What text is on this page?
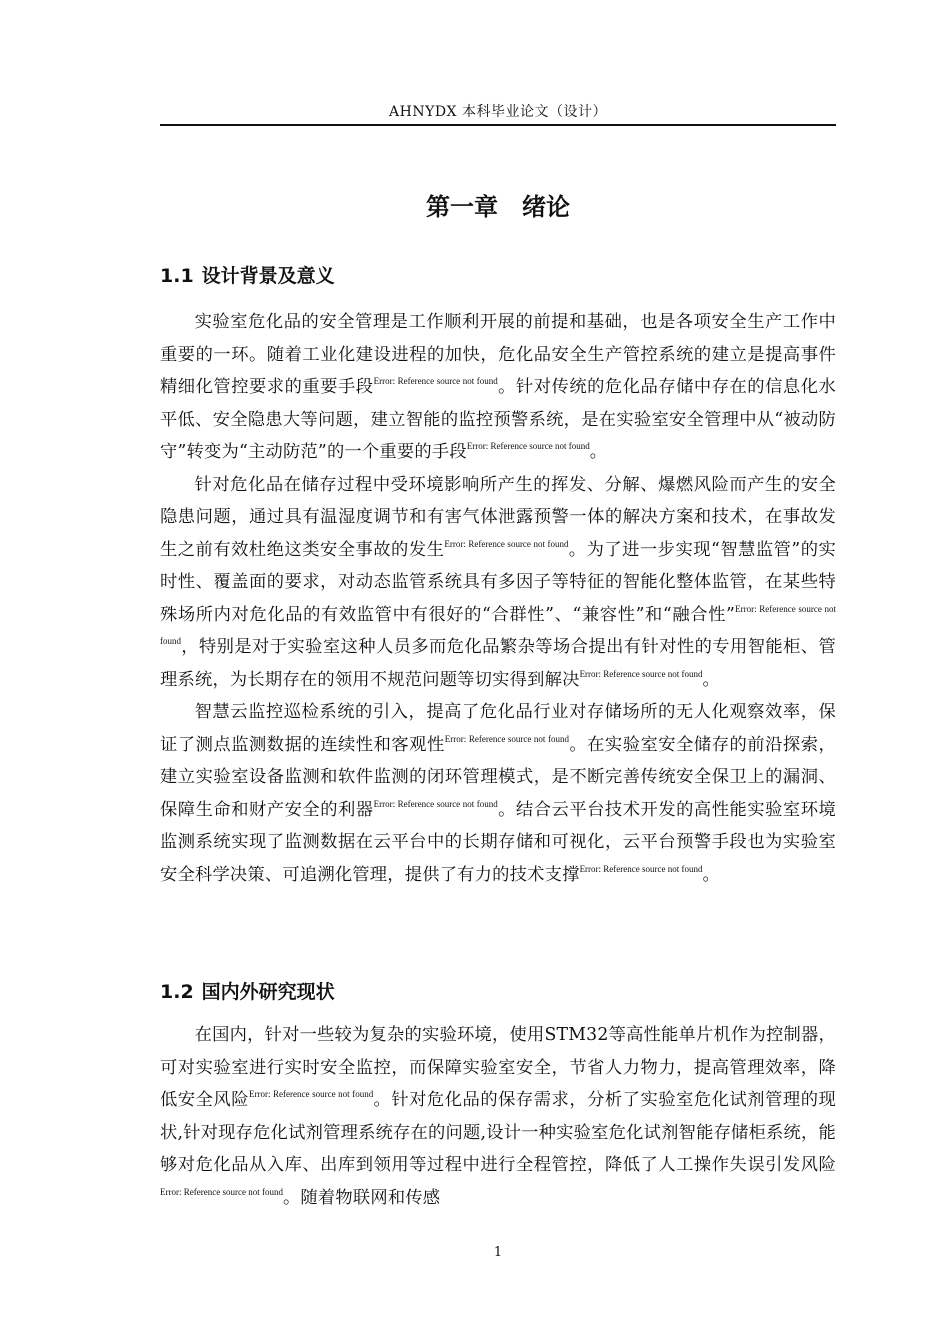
AHNYDX 本科毕业论文（设计）
第一章　绪论
1.1 设计背景及意义

实验室危化品的安全管理是工作顺利开展的前提和基础，也是各项安全生产工作中重要的一环。随着工业化建设进程的加快，危化品安全生产管控系统的建立是提高事件精细化管控要求的重要手段$^{Error: Reference source not found}$。针对传统的危化品存储中存在的信息化水平低、安全隐患大等问题，建立智能的监控预警系统，是在实验室安全管理中从“被动防守”转变为“主动防范”的一个重要的手段$^{Error: Reference source not found}$。

针对危化品在储存过程中受环境影响所产生的挥发、分解、爆燃风险而产生的安全隐患问题，通过具有温湿度调节和有害气体泄露预警一体的解决方案和技术，在事故发生之前有效杜绝这类安全事故的发生$^{Error: Reference source not found}$。为了进一步实现“智慧监管”的实时性、覆盖面的要求，对动态监管系统具有多因子等特征的智能化整体监管，在某些特殊场所内对危化品的有效监管中有很好的“合群性”、“兼容性”和“融合性”$^{Error: Reference source not found}$，特别是对于实验室这种人员多而危化品繁杂等场合提出有针对性的专用智能柜、管理系统，为长期存在的领用不规范问题等切实得到解决$^{Error: Reference source not found}$。

智慧云监控巡检系统的引入，提高了危化品行业对存储场所的无人化观察效率，保证了测点监测数据的连续性和客观性$^{Error: Reference source not found}$。在实验室安全储存的前沿探索，建立实验室设备监测和软件监测的闭环管理模式，是不断完善传统安全保卫上的漏洞、保障生命和财产安全的利器$^{Error: Reference source not found}$。结合云平台技术开发的高性能实验室环境监测系统实现了监测数据在云平台中的长期存储和可视化，云平台预警手段也为实验室安全科学决策、可追溯化管理，提供了有力的技术支撑$^{Error: Reference source not found}$。

1.2 国内外研究现状

在国内，针对一些较为复杂的实验环境，使用STM32等高性能单片机作为控制器，可对实验室进行实时安全监控，而保障实验室安全，节省人力物力，提高管理效率，降低安全风险$^{Error: Reference source not found}$。针对危化品的保存需求，分析了实验室危化试剂管理的现状,针对现存危化试剂管理系统存在的问题,设计一种实验室危化试剂智能存储柜系统，能够对危化品从入库、出库到领用等过程中进行全程管控，降低了人工操作失误引发风险$^{Error: Reference source not found}$。随着物联网和传感

1
